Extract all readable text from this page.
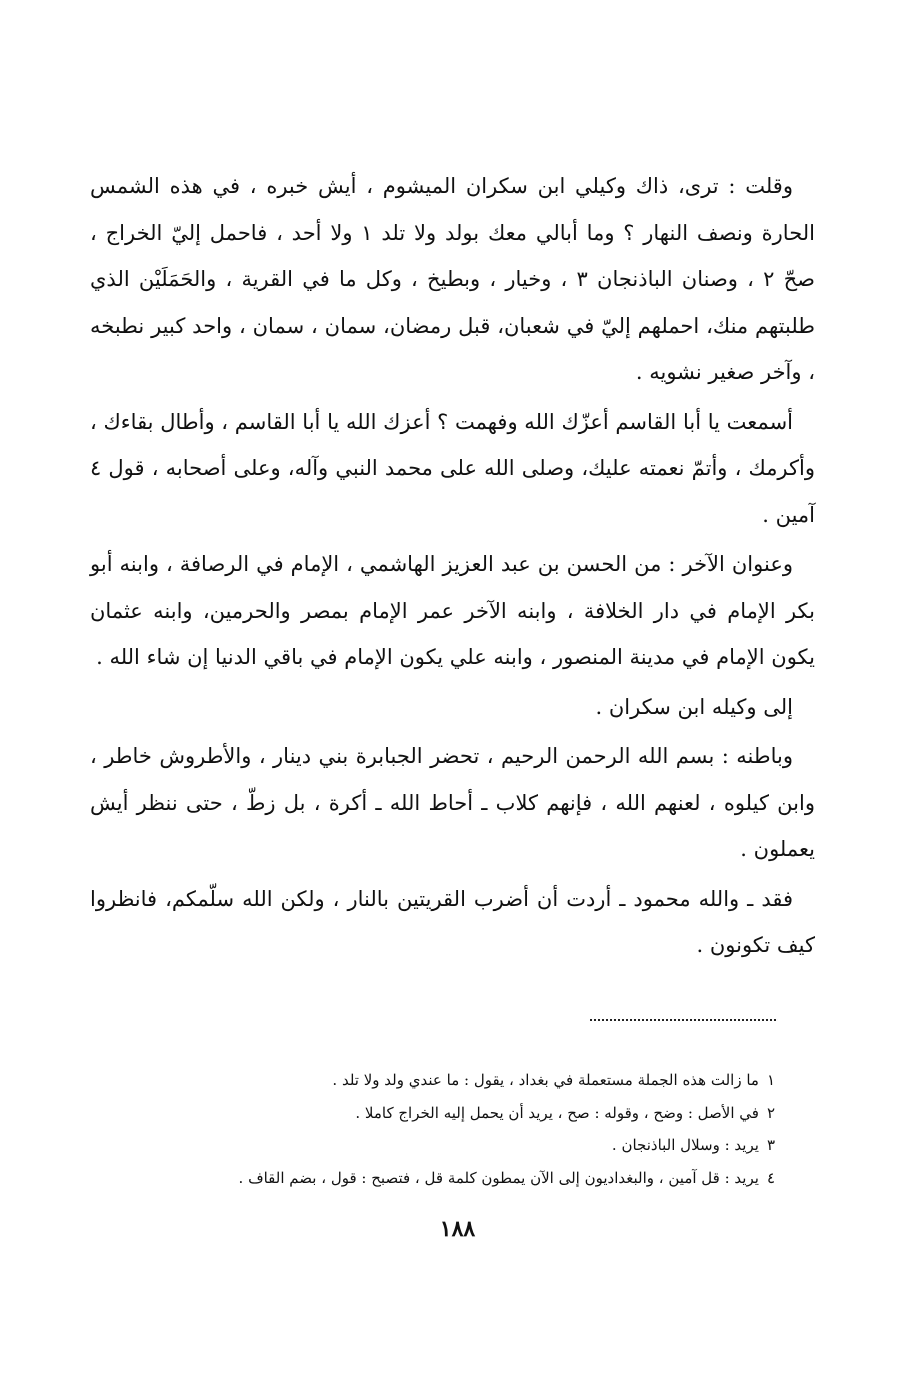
وقلت : ترى، ذاك وكيلي ابن سكران الميشوم ، أيش خبره ، في هذه الشمس الحارة ونصف النهار ؟ وما أبالي معك بولد ولا تلد ١ ولا أحد ، فاحمل إليّ الخراج ، صحّ ٢ ، وصنان الباذنجان ٣ ، وخيار ، وبطيخ ، وكل ما في القرية ، والحَمَلَيْن الذي طلبتهم منك، احملهم إليّ في شعبان، قبل رمضان، سمان ، سمان ، واحد كبير نطبخه ، وآخر صغير نشويه .

أسمعت يا أبا القاسم أعزّك الله وفهمت ؟ أعزك الله يا أبا القاسم ، وأطال بقاءك ، وأكرمك ، وأتمّ نعمته عليك، وصلى الله على محمد النبي وآله، وعلى أصحابه ، قول ٤ آمين .

وعنوان الآخر : من الحسن بن عبد العزيز الهاشمي ، الإمام في الرصافة ، وابنه أبو بكر الإمام في دار الخلافة ، وابنه الآخر عمر الإمام بمصر والحرمين، وابنه عثمان يكون الإمام في مدينة المنصور ، وابنه علي يكون الإمام في باقي الدنيا إن شاء الله .

إلى وكيله ابن سكران .

وباطنه : بسم الله الرحمن الرحيم ، تحضر الجبابرة بني دينار ، والأطروش خاطر ، وابن كيلوه ، لعنهم الله ، فإنهم كلاب ـ أحاط الله ـ أكرة ، بل زطّ ، حتى ننظر أيش يعملون .

فقد ـ والله محمود ـ أردت أن أضرب القريتين بالنار ، ولكن الله سلّمكم، فانظروا كيف تكونون .

١ما زالت هذه الجملة مستعملة في بغداد ، يقول : ما عندي ولد ولا تلد .

٢في الأصل : وضح ، وقوله : صح ، يريد أن يحمل إليه الخراج كاملا .

٣يريد : وسلال الباذنجان .

٤يريد : قل آمين ، والبغداديون إلى الآن يمطون كلمة قل ، فتصبح : قول ، بضم القاف .

١٨٨
